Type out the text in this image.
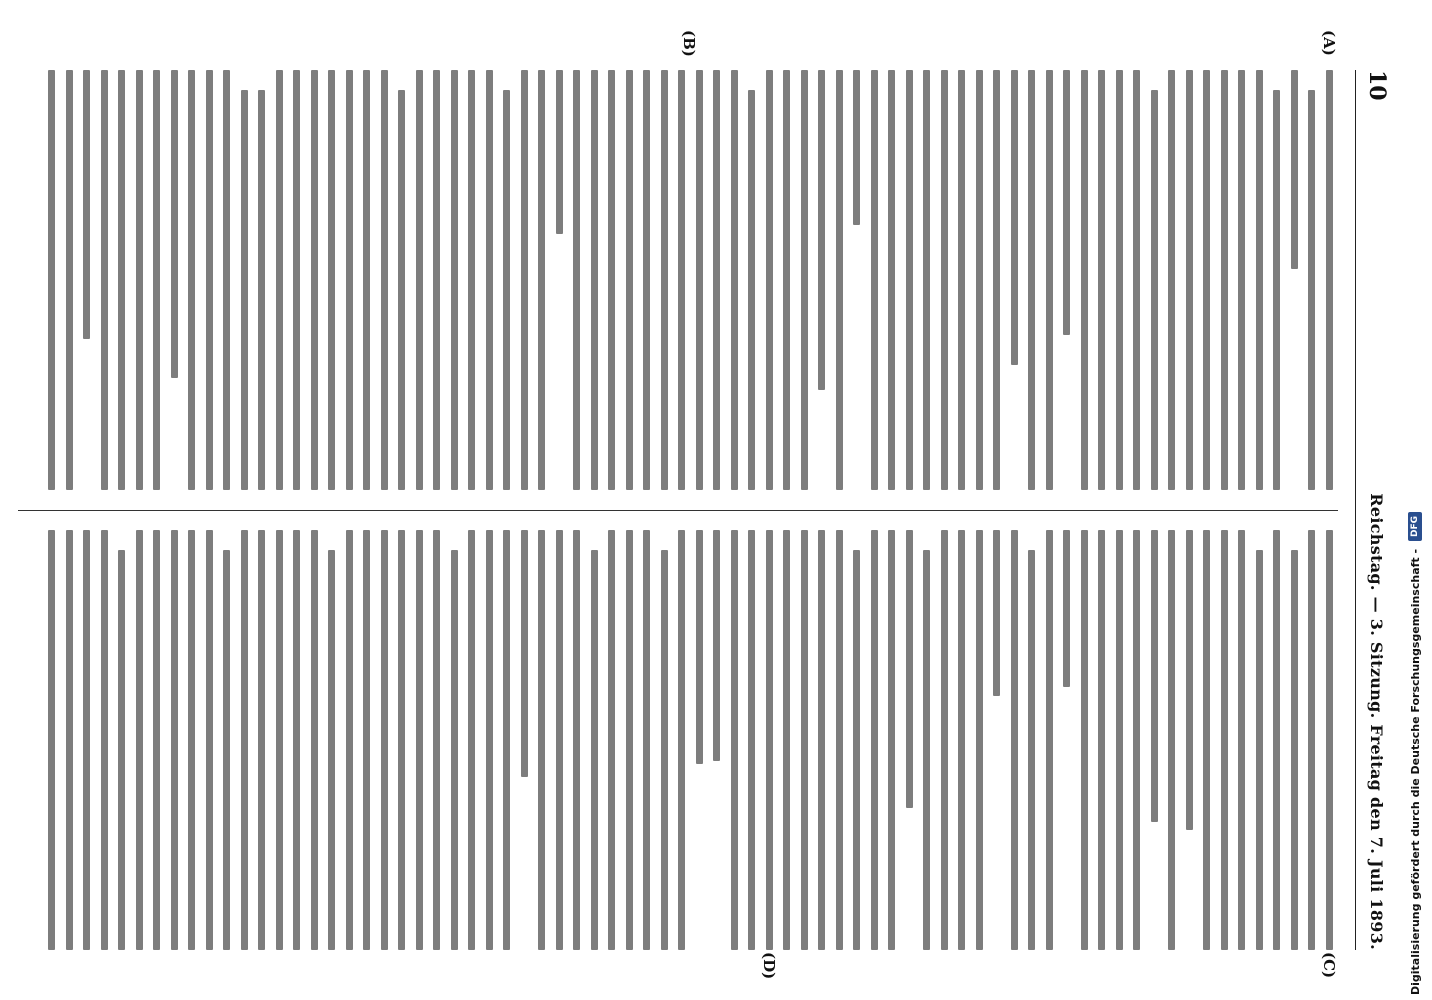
10
Reichstag. — 3. Sitzung. Freitag den 7. Juli 1893.
(A)
(B)
(C)
(D)	Digitalisierung gefördert durch die Deutsche Forschungsgemeinschaft -
DFG
